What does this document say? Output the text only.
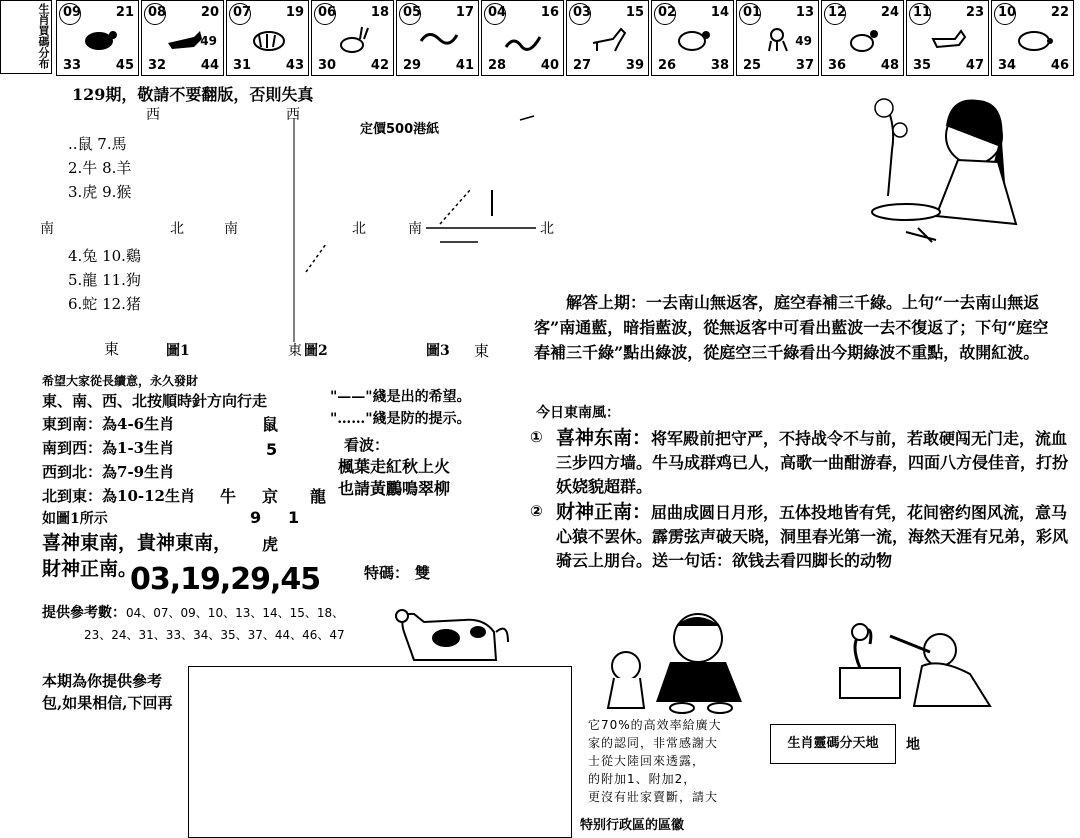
生肖買碼分布 09	21
33	45
08	20
32	44
49
07	19
31	43
06	18
30	42
05	17
29	41
04	16
28	40
03	15
27	39
02	14
26	38
01	13
25	37
49
12	24
36	48
11	23
35	47
10	22
34	46
129期，敬請不要翻版，否則失真
定價500港紙
西	西
..鼠 7.馬
2.牛 8.羊
3.虎 9.猴
南	北	南	北	南	北
4.兔 10.鷄
5.龍 11.狗
6.蛇 12.猪
東	圖1	東 圖2	圖3 東
希望大家從長續意，永久發財
東、南、西、北按順時針方向行走
東到南：為4-6生肖
南到西：為1-3生肖
西到北：為7-9生肖
北到東：為10-12生肖
鼠
5
牛 京 龍
9 1
虎
"——"綫是出的希望。
"……"綫是防的提示。
看波：
楓葉走紅秋上火
也請黃鸝鳴翠柳
如圖1所示
喜神東南，貴神東南，
財神正南。
03,19,29,45	特碼： 雙
提供參考數：04、07、09、10、13、14、15、18、
23、24、31、33、34、35、37、44、46、47
本期為你提供參考
包,如果相信,下回再
解答上期：一去南山無返客，庭空春補三千綠。上句“一去南山無返客”南通藍，暗指藍波，從無返客中可看出藍波一去不復返了；下句“庭空春補三千綠”點出綠波，從庭空三千綠看出今期綠波不重點，故開紅波。
今日東南風：
① 喜神东南：将军殿前把守严，不持战令不与前，若敢硬闯无门走，流血三步四方墙。牛马成群鸡已人，高歌一曲酣游春，四面八方侵佳音，打扮妖娆貌超群。
② 财神正南：屈曲成圆日月形，五体投地皆有凭，花间密约图风流，意马心猿不罢休。霹雳弦声破天晓，洞里春光第一流，海然天涯有兄弟，彩风骑云上朋台。送一句话：欲钱去看四脚长的动物
它70%的高效率給廣大
家的認同，非常感謝大
士從大陸回來透露，
的附加1、附加2，
更沒有壯家賣斷，請大
特别行政區的區徽
生肖靈碼分天地	地
